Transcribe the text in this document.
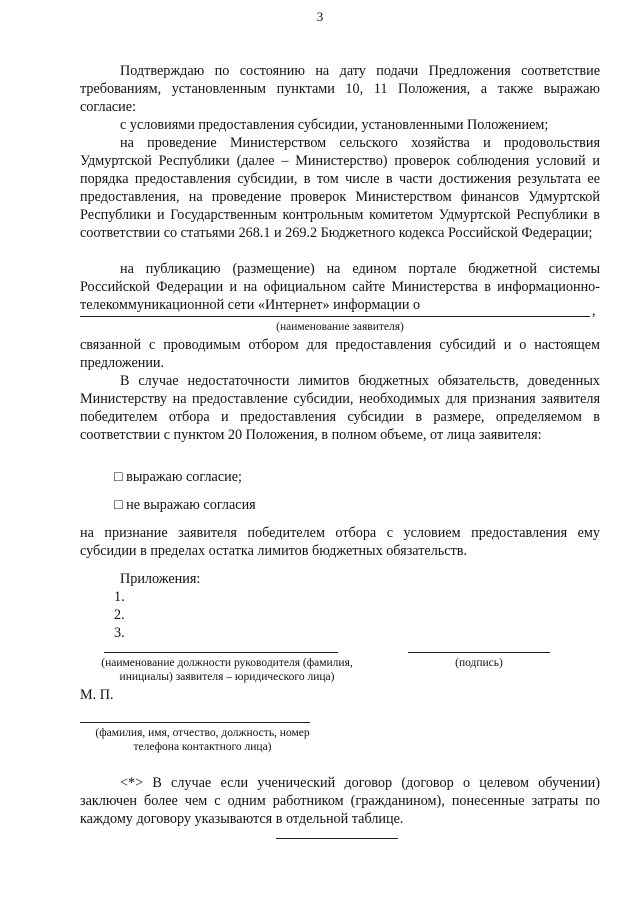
3
Подтверждаю по состоянию на дату подачи Предложения соответствие требованиям, установленным пунктами 10, 11 Положения, а также выражаю согласие:
с условиями предоставления субсидии, установленными Положением;
на проведение Министерством сельского хозяйства и продовольствия Удмуртской Республики (далее – Министерство) проверок соблюдения условий и порядка предоставления субсидии, в том числе в части достижения результата ее предоставления, на проведение проверок Министерством финансов Удмуртской Республики и Государственным контрольным комитетом Удмуртской Республики в соответствии со статьями 268.1 и 269.2 Бюджетного кодекса Российской Федерации;
на публикацию (размещение) на едином портале бюджетной системы Российской Федерации и на официальном сайте Министерства в информационно-телекоммуникационной сети «Интернет» информации о	,
(наименование заявителя)
связанной с проводимым отбором для предоставления субсидий и о настоящем предложении.
В случае недостаточности лимитов бюджетных обязательств, доведенных Министерству на предоставление субсидии, необходимых для признания заявителя победителем отбора и предоставления субсидии в размере, определяемом в соответствии с пунктом 20 Положения, в полном объеме, от лица заявителя:
□ выражаю согласие;
□ не выражаю согласия
на признание заявителя победителем отбора с условием предоставления ему субсидии в пределах остатка лимитов бюджетных обязательств.
Приложения:
1.
2.
3.
(наименование должности руководителя (фамилия,
инициалы) заявителя – юридического лица)
(подпись)
М. П.
(фамилия, имя, отчество, должность, номер
телефона контактного лица)
<*> В случае если ученический договор (договор о целевом обучении) заключен более чем с одним работником (гражданином), понесенные затраты по каждому договору указываются в отдельной таблице.
